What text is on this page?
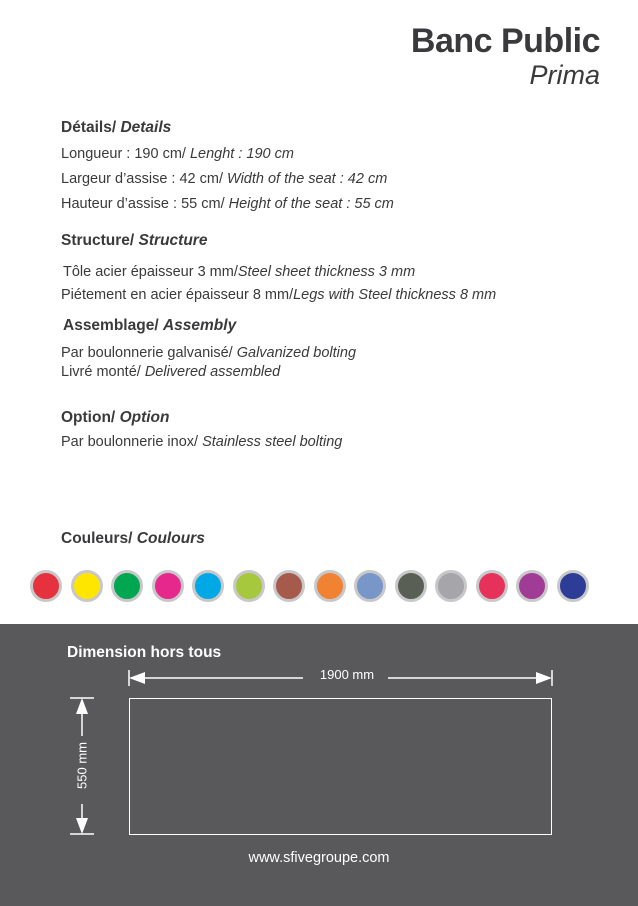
Banc Public
Prima
Détails/ Details
Longueur : 190 cm/ Lenght : 190 cm
Largeur d’assise : 42 cm/ Width of the seat : 42 cm
Hauteur d’assise : 55 cm/ Height of the seat : 55 cm
Structure/ Structure
Tôle acier épaisseur 3 mm/Steel sheet thickness 3 mm
Piétement en acier épaisseur 8 mm/Legs with Steel thickness 8 mm
Assemblage/ Assembly
Par boulonnerie galvanisé/ Galvanized bolting
Livré monté/ Delivered assembled
Option/ Option
Par boulonnerie inox/ Stainless steel bolting
Couleurs/ Coulours
Dimension hors tous
1900 mm
550 mm
www.sfivegroupe.com
